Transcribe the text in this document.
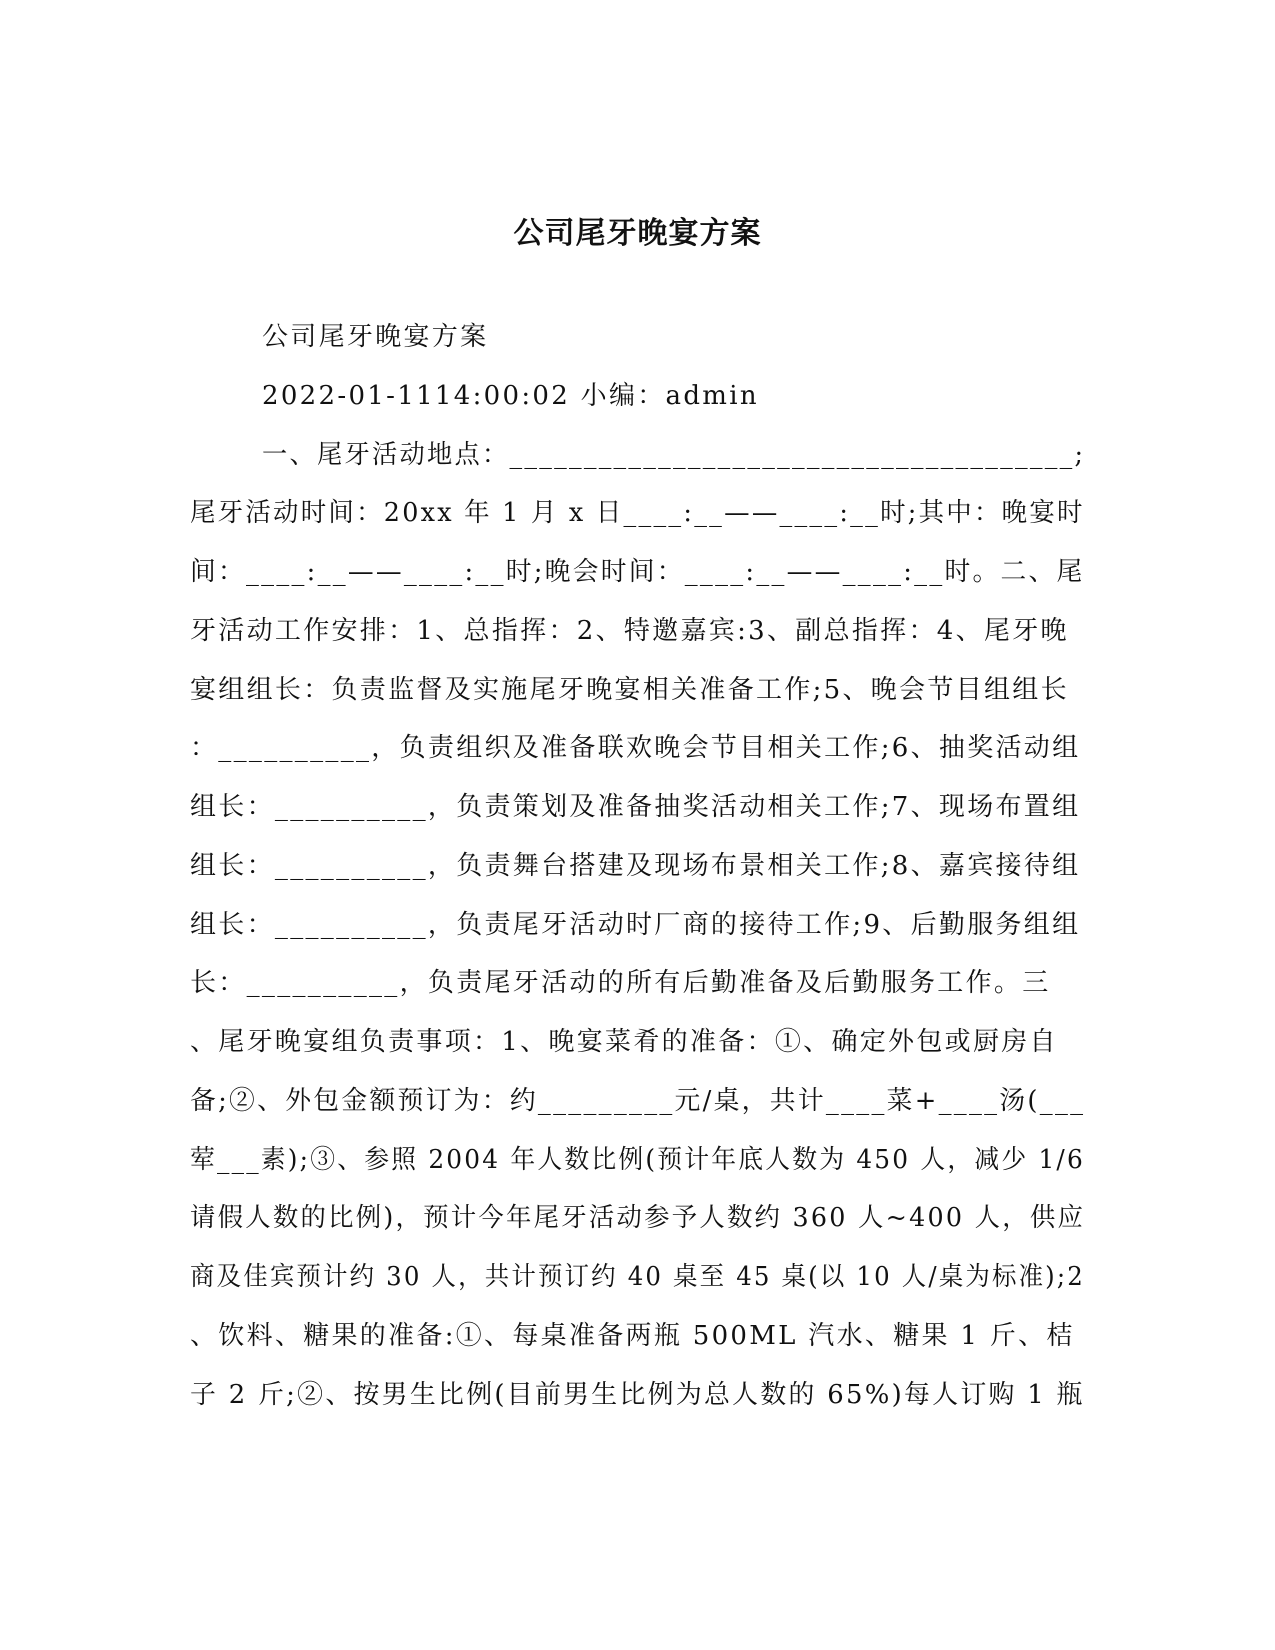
公司尾牙晚宴方案
公司尾牙晚宴方案
2022-01-1114:00:02 小编：admin
一、尾牙活动地点：______________________________________;
尾牙活动时间：20xx 年 1 月 x 日____:__——____:__时;其中：晚宴时
间：____:__——____:__时;晚会时间：____:__——____:__时。二、尾
牙活动工作安排：1、总指挥：2、特邀嘉宾:3、副总指挥：4、尾牙晚
宴组组长：负责监督及实施尾牙晚宴相关准备工作;5、晚会节目组组长
：__________，负责组织及准备联欢晚会节目相关工作;6、抽奖活动组
组长：__________，负责策划及准备抽奖活动相关工作;7、现场布置组
组长：__________，负责舞台搭建及现场布景相关工作;8、嘉宾接待组
组长：__________，负责尾牙活动时厂商的接待工作;9、后勤服务组组
长：__________，负责尾牙活动的所有后勤准备及后勤服务工作。三
、尾牙晚宴组负责事项：1、晚宴菜肴的准备：①、确定外包或厨房自
备;②、外包金额预订为：约_________元/桌，共计____菜+____汤(___
荤___素);③、参照 2004 年人数比例(预计年底人数为 450 人，减少 1/6
请假人数的比例)，预计今年尾牙活动参予人数约 360 人~400 人，供应
商及佳宾预计约 30 人，共计预订约 40 桌至 45 桌(以 10 人/桌为标准);2
、饮料、糖果的准备:①、每桌准备两瓶 500ML 汽水、糖果 1 斤、桔
子 2 斤;②、按男生比例(目前男生比例为总人数的 65%)每人订购 1 瓶
